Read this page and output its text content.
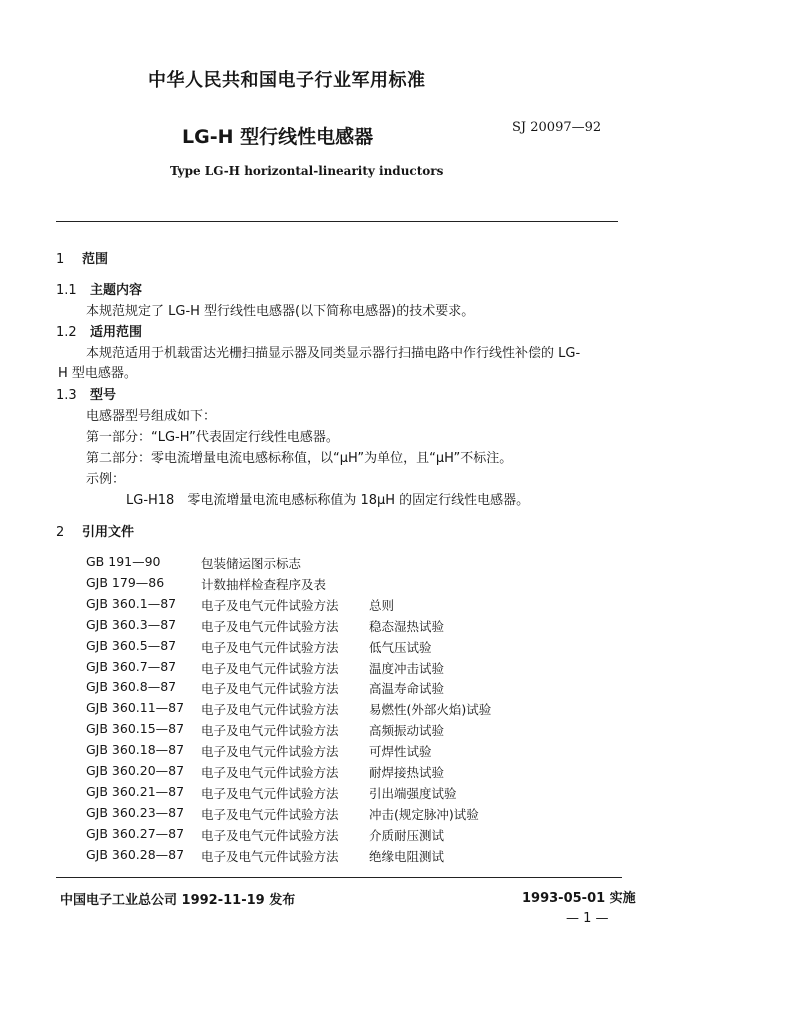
中华人民共和国电子行业军用标准
LG-H 型行线性电感器	SJ 20097—92
Type LG-H horizontal-linearity inductors
1 范围
1.1 主题内容
本规范规定了 LG-H 型行线性电感器(以下简称电感器)的技术要求。
1.2 适用范围
本规范适用于机载雷达光栅扫描显示器及同类显示器行扫描电路中作行线性补偿的 LG-
H 型电感器。
1.3 型号
电感器型号组成如下：
第一部分：“LG-H”代表固定行线性电感器。
第二部分：零电流增量电流电感标称值，以“μH”为单位，且“μH”不标注。
示例：
LG-H18　零电流增量电流电感标称值为 18μH 的固定行线性电感器。
2 引用文件
GB 191—90	包装储运图示标志
GJB 179—86	计数抽样检查程序及表
GJB 360.1—87 电子及电气元件试验方法 总则
GJB 360.3—87 电子及电气元件试验方法 稳态湿热试验
GJB 360.5—87 电子及电气元件试验方法 低气压试验
GJB 360.7—87 电子及电气元件试验方法 温度冲击试验
GJB 360.8—87 电子及电气元件试验方法 高温寿命试验
GJB 360.11—87 电子及电气元件试验方法 易燃性(外部火焰)试验
GJB 360.15—87 电子及电气元件试验方法 高频振动试验
GJB 360.18—87 电子及电气元件试验方法 可焊性试验
GJB 360.20—87 电子及电气元件试验方法 耐焊接热试验
GJB 360.21—87 电子及电气元件试验方法 引出端强度试验
GJB 360.23—87 电子及电气元件试验方法 冲击(规定脉冲)试验
GJB 360.27—87 电子及电气元件试验方法 介质耐压测试
GJB 360.28—87 电子及电气元件试验方法 绝缘电阻测试
中国电子工业总公司 1992-11-19 发布	1993-05-01 实施
— 1 —
